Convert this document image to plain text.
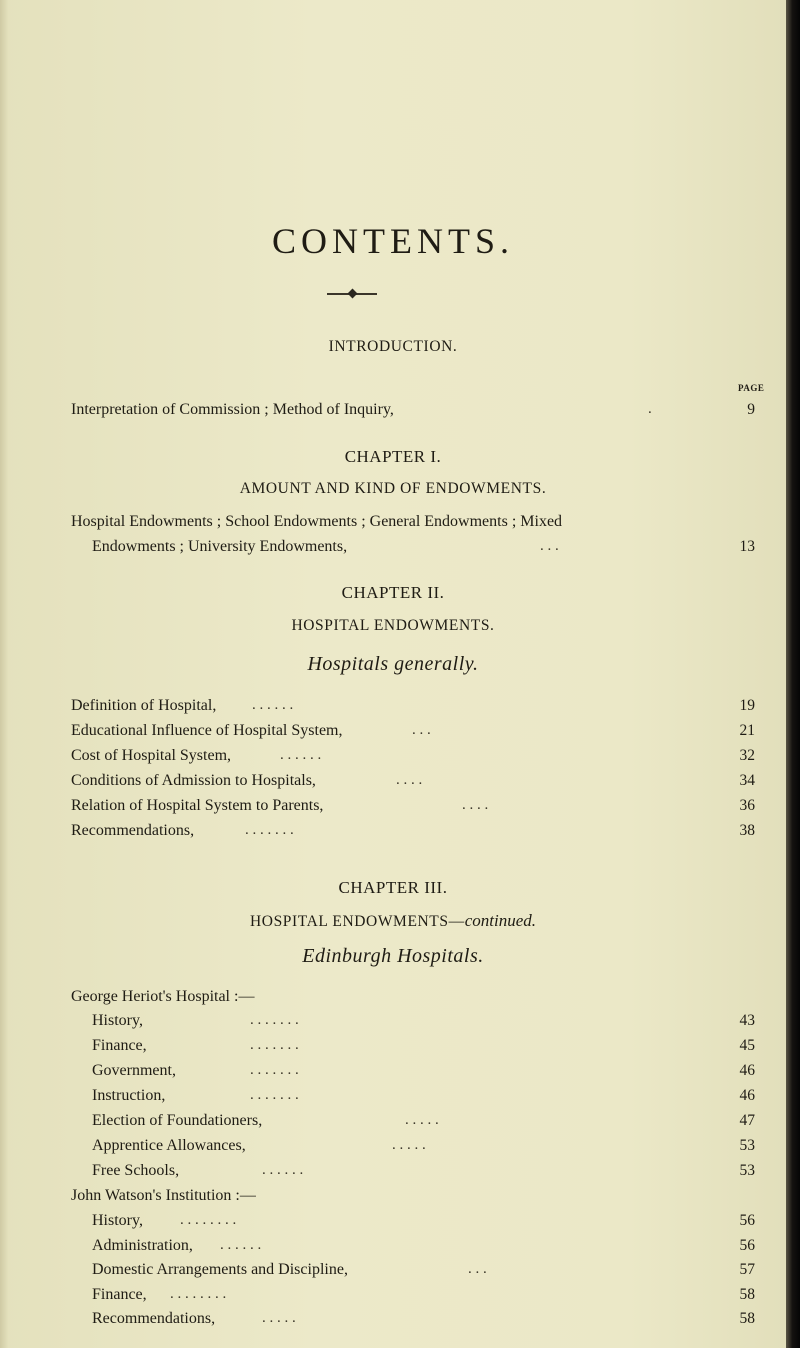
CONTENTS.
INTRODUCTION.
PAGE
Interpretation of Commission ; Method of Inquiry,	.	9
CHAPTER I.
AMOUNT AND KIND OF ENDOWMENTS.
Hospital Endowments ; School Endowments ; General Endowments ; Mixed
Endowments ; University Endowments,	. . .	13
CHAPTER II.
HOSPITAL ENDOWMENTS.
Hospitals generally.
Definition of Hospital, . . . . . .	19
Educational Influence of Hospital System,	. . .	21
Cost of Hospital System,	. . . . . .	32
Conditions of Admission to Hospitals,	. . . .	34
Relation of Hospital System to Parents,	. . . .	36
Recommendations,	. . . . . . .	38
CHAPTER III.
HOSPITAL ENDOWMENTS—continued.
Edinburgh Hospitals.
George Heriot's Hospital :—
History,	. . . . . . .	43
Finance,	. . . . . . .	45
Government,	. . . . . . .	46
Instruction,	. . . . . . .	46
Election of Foundationers,	. . . . .	47
Apprentice Allowances,	. . . . .	53
Free Schools,	. . . . . .	53
John Watson's Institution :—
History, . . . . . . . .	56
Administration, . . . . . .	56
Domestic Arrangements and Discipline,	. . .	57
Finance, . . . . . . . .	58
Recommendations,	. . . . .	58
